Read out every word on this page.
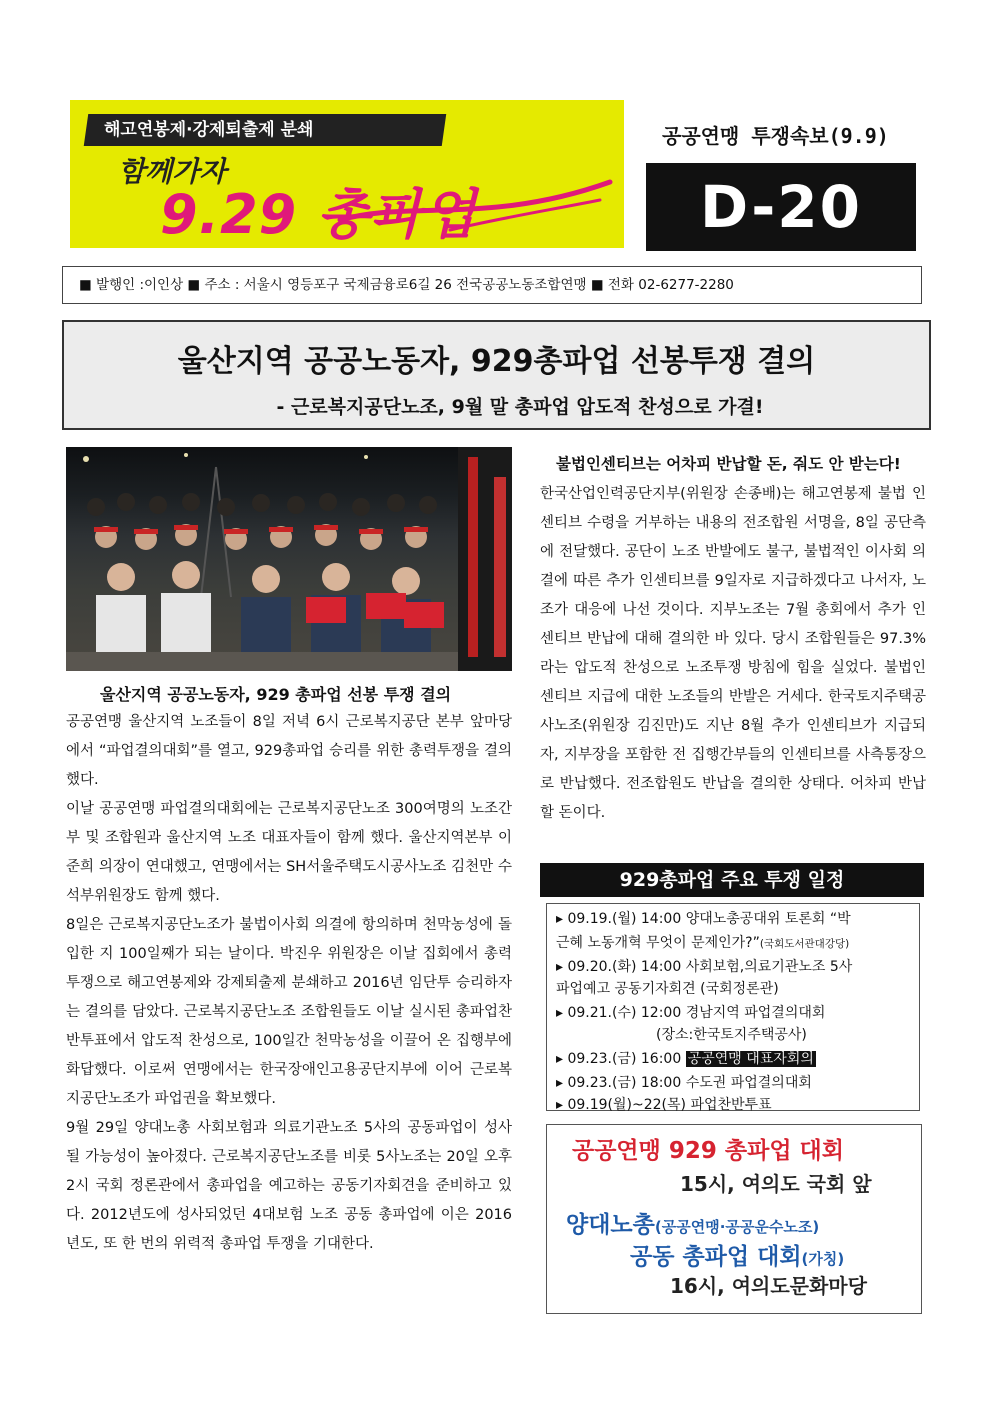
해고연봉제·강제퇴출제 분쇄
함께가자
9.29 총파업
공공연맹 투쟁속보(9.9)
D-20
■ 발행인 :이인상 ■ 주소 : 서울시 영등포구 국제금융로6길 26 전국공공노동조합연맹 ■ 전화 02-6277-2280
울산지역 공공노동자, 929총파업 선봉투쟁 결의
- 근로복지공단노조, 9월 말 총파업 압도적 찬성으로 가결!
울산지역 공공노동자, 929 총파업 선봉 투쟁 결의

공공연맹 울산지역 노조들이 8일 저녁 6시 근로복지공단 본부 앞마당에서 “파업결의대회”를 열고, 929총파업 승리를 위한 총력투쟁을 결의했다.

이날 공공연맹 파업결의대회에는 근로복지공단노조 300여명의 노조간부 및 조합원과 울산지역 노조 대표자들이 함께 했다. 울산지역본부 이준희 의장이 연대했고, 연맹에서는 SH서울주택도시공사노조 김천만 수석부위원장도 함께 했다.

8일은 근로복지공단노조가 불법이사회 의결에 항의하며 천막농성에 돌입한 지 100일째가 되는 날이다. 박진우 위원장은 이날 집회에서 총력투쟁으로 해고연봉제와 강제퇴출제 분쇄하고 2016년 임단투 승리하자는 결의를 담았다. 근로복지공단노조 조합원들도 이날 실시된 총파업찬반투표에서 압도적 찬성으로, 100일간 천막농성을 이끌어 온 집행부에 화답했다. 이로써 연맹에서는 한국장애인고용공단지부에 이어 근로복지공단노조가 파업권을 확보했다.

9월 29일 양대노총 사회보험과 의료기관노조 5사의 공동파업이 성사될 가능성이 높아졌다. 근로복지공단노조를 비롯 5사노조는 20일 오후 2시 국회 정론관에서 총파업을 예고하는 공동기자회견을 준비하고 있다. 2012년도에 성사되었던 4대보험 노조 공동 총파업에 이은 2016년도, 또 한 번의 위력적 총파업 투쟁을 기대한다.

불법인센티브는 어차피 반납할 돈, 줘도 안 받는다!

한국산업인력공단지부(위원장 손종배)는 해고연봉제 불법 인센티브 수령을 거부하는 내용의 전조합원 서명을, 8일 공단측에 전달했다. 공단이 노조 반발에도 불구, 불법적인 이사회 의결에 따른 추가 인센티브를 9일자로 지급하겠다고 나서자, 노조가 대응에 나선 것이다. 지부노조는 7월 총회에서 추가 인센티브 반납에 대해 결의한 바 있다. 당시 조합원들은 97.3%라는 압도적 찬성으로 노조투쟁 방침에 힘을 실었다. 불법인센티브 지급에 대한 노조들의 반발은 거세다. 한국토지주택공사노조(위원장 김진만)도 지난 8월 추가 인센티브가 지급되자, 지부장을 포함한 전 집행간부들의 인센티브를 사측통장으로 반납했다. 전조합원도 반납을 결의한 상태다. 어차피 반납할 돈이다.

929총파업 주요 투쟁 일정
▸ 09.19.(월) 14:00 양대노총공대위 토론회 “박
근혜 노동개혁 무엇이 문제인가?”(국회도서관대강당)
▸ 09.20.(화) 14:00 사회보험,의료기관노조 5사
파업예고 공동기자회견 (국회정론관)
▸ 09.21.(수) 12:00 경남지역 파업결의대회
(장소:한국토지주택공사)
▸ 09.23.(금) 16:00 공공연맹 대표자회의
▸ 09.23.(금) 18:00 수도권 파업결의대회
▸ 09.19(월)~22(목) 파업찬반투표
공공연맹 929 총파업 대회
15시, 여의도 국회 앞
양대노총(공공연맹·공공운수노조)
공동 총파업 대회(가칭)
16시, 여의도문화마당
